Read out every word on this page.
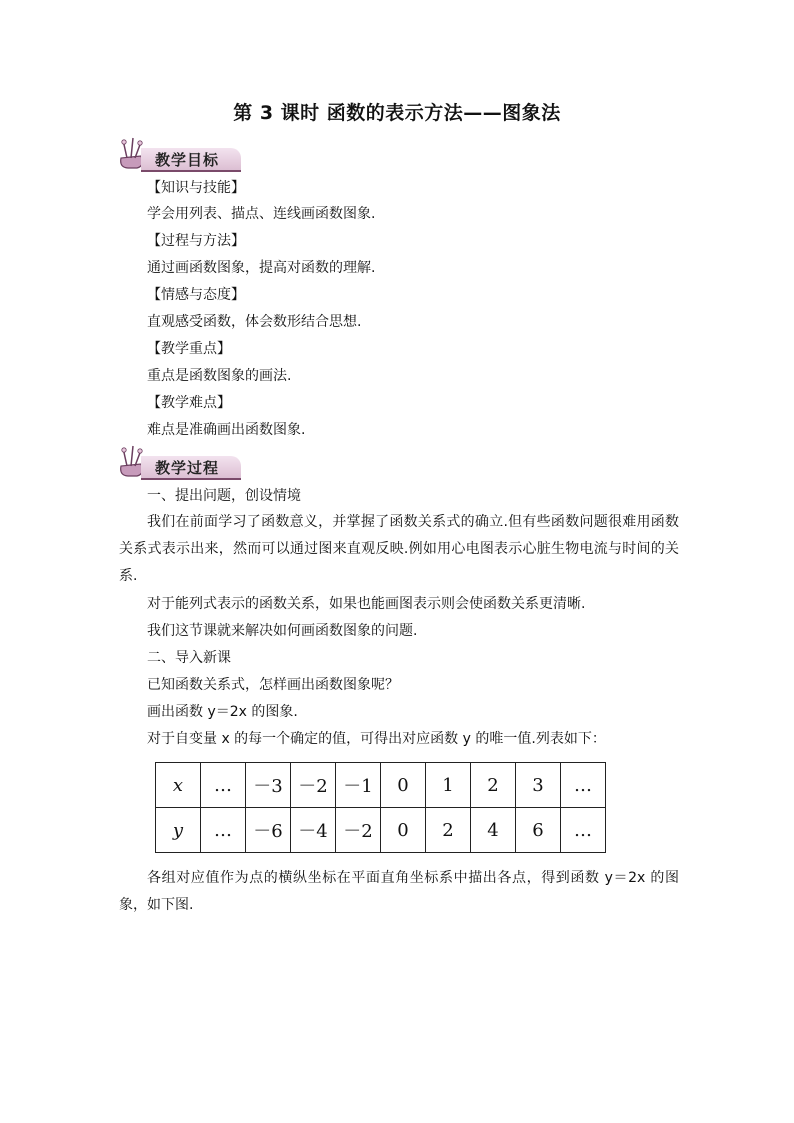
第 3 课时 函数的表示方法——图象法
教学目标
【知识与技能】
学会用列表、描点、连线画函数图象.
【过程与方法】
通过画函数图象，提高对函数的理解.
【情感与态度】
直观感受函数，体会数形结合思想.
【教学重点】
重点是函数图象的画法.
【教学难点】
难点是准确画出函数图象.
教学过程
一、提出问题，创设情境
我们在前面学习了函数意义，并掌握了函数关系式的确立.但有些函数问题很难用函数关系式表示出来，然而可以通过图来直观反映.例如用心电图表示心脏生物电流与时间的关系.
对于能列式表示的函数关系，如果也能画图表示则会使函数关系更清晰.
我们这节课就来解决如何画函数图象的问题.
二、导入新课
已知函数关系式，怎样画出函数图象呢？
画出函数 y＝2x 的图象.
对于自变量 x 的每一个确定的值，可得出对应函数 y 的唯一值.列表如下：
x	…	－3	－2	－1	0	1	2	3	…
y	…	－6	－4	－2	0	2	4	6	…
各组对应值作为点的横纵坐标在平面直角坐标系中描出各点，得到函数 y＝2x 的图象，如下图.
